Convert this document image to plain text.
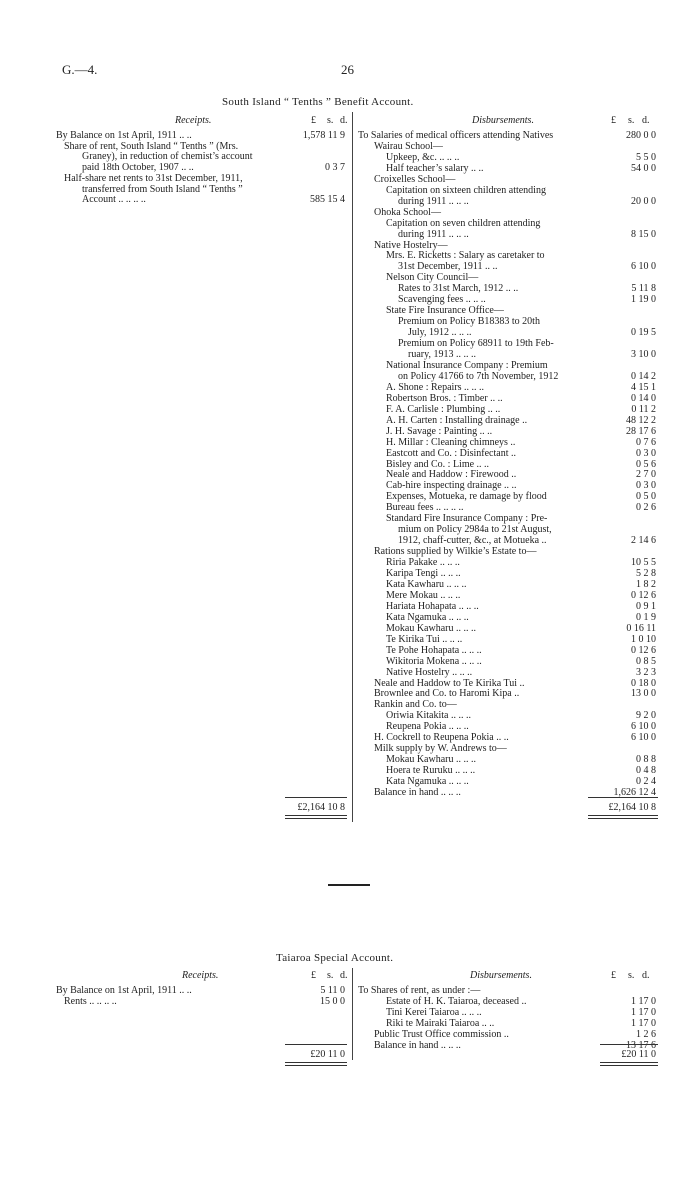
G.—4.	26
South Island “ Tenths ” Benefit Account.
Receipts.	Disbursements.
£ s. d.	£ s. d.
By Balance on 1st April, 1911 .. ..	1,578 11 9
Share of rent, South Island “ Tenths ” (Mrs.
Graney), in reduction of chemist’s account
paid 18th October, 1907 .. ..	0 3 7
Half-share net rents to 31st December, 1911,
transferred from South Island “ Tenths ”
Account .. .. .. ..	585 15 4
To Salaries of medical officers attending Natives	280 0 0
Wairau School—
Upkeep, &c. .. .. ..	5 5 0
Half teacher’s salary .. ..	54 0 0
Croixelles School—
Capitation on sixteen children attending
during 1911 .. .. ..	20 0 0
Ohoka School—
Capitation on seven children attending
during 1911 .. .. ..	8 15 0
Native Hostelry—
Mrs. E. Ricketts : Salary as caretaker to
31st December, 1911 .. ..	6 10 0
Nelson City Council—
Rates to 31st March, 1912 .. ..	5 11 8
Scavenging fees .. .. ..	1 19 0
State Fire Insurance Office—
Premium on Policy B18383 to 20th
July, 1912 .. .. ..	0 19 5
Premium on Policy 68911 to 19th Feb-
ruary, 1913 .. .. ..	3 10 0
National Insurance Company : Premium
on Policy 41766 to 7th November, 1912	0 14 2
A. Shone : Repairs .. .. ..	4 15 1
Robertson Bros. : Timber .. ..	0 14 0
F. A. Carlisle : Plumbing .. ..	0 11 2
A. H. Carten : Installing drainage ..	48 12 2
J. H. Savage : Painting .. ..	28 17 6
H. Millar : Cleaning chimneys ..	0 7 6
Eastcott and Co. : Disinfectant ..	0 3 0
Bisley and Co. : Lime .. ..	0 5 6
Neale and Haddow : Firewood ..	2 7 0
Cab-hire inspecting drainage .. ..	0 3 0
Expenses, Motueka, re damage by flood	0 5 0
Bureau fees .. .. .. ..	0 2 6
Standard Fire Insurance Company : Pre-
mium on Policy 2984a to 21st August,
1912, chaff-cutter, &c., at Motueka ..	2 14 6
Rations supplied by Wilkie’s Estate to—
Riria Pakake .. .. ..	10 5 5
Karipa Tengi .. .. ..	5 2 8
Kata Kawharu .. .. ..	1 8 2
Mere Mokau .. .. ..	0 12 6
Hariata Hohapata .. .. ..	0 9 1
Kata Ngamuka .. .. ..	0 1 9
Mokau Kawharu .. .. ..	0 16 11
Te Kirika Tui .. .. ..	1 0 10
Te Pohe Hohapata .. .. ..	0 12 6
Wikitoria Mokena .. .. ..	0 8 5
Native Hostelry .. .. ..	3 2 3
Neale and Haddow to Te Kirika Tui ..	0 18 0
Brownlee and Co. to Haromi Kipa ..	13 0 0
Rankin and Co. to—
Oriwia Kitakita .. .. ..	9 2 0
Reupena Pokia .. .. ..	6 10 0
H. Cockrell to Reupena Pokia .. ..	6 10 0
Milk supply by W. Andrews to—
Mokau Kawharu .. .. ..	0 8 8
Hoera te Ruruku .. .. ..	0 4 8
Kata Ngamuka .. .. ..	0 2 4
Balance in hand .. .. ..	1,626 12 4
£2,164 10 8	£2,164 10 8
Taiaroa Special Account.
Receipts.	Disbursements.
£ s. d.	£ s. d.
By Balance on 1st April, 1911 .. ..	5 11 0
Rents .. .. .. ..	15 0 0
To Shares of rent, as under :—
Estate of H. K. Taiaroa, deceased ..	1 17 0
Tini Kerei Taiaroa .. .. ..	1 17 0
Riki te Mairaki Taiaroa .. ..	1 17 0
Public Trust Office commission ..	1 2 6
Balance in hand .. .. ..	13 17 6
£20 11 0	£20 11 0
